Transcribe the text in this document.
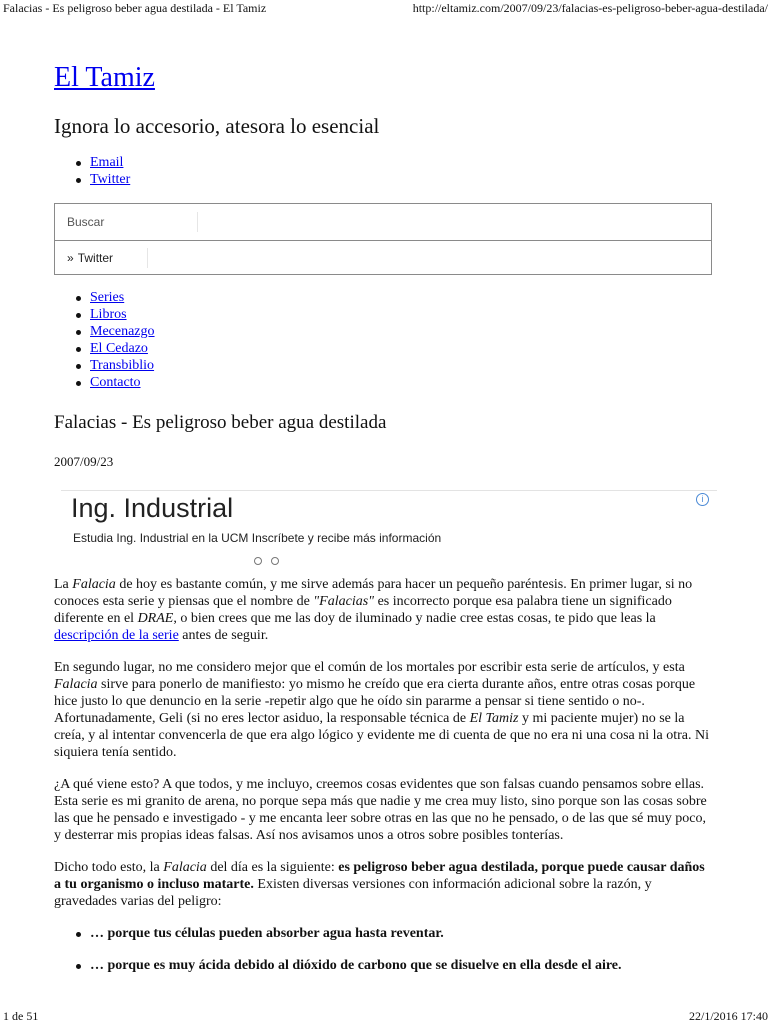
Falacias - Es peligroso beber agua destilada - El Tamiz	http://eltamiz.com/2007/09/23/falacias-es-peligroso-beber-agua-destilada/
El Tamiz
Ignora lo accesorio, atesora lo esencial
Email
Twitter
Buscar
» Twitter
Series
Libros
Mecenazgo
El Cedazo
Transbiblio
Contacto
Falacias - Es peligroso beber agua destilada
2007/09/23
Ing. Industrial
Estudia Ing. Industrial en la UCM Inscríbete y recibe más información
i

La Falacia de hoy es bastante común, y me sirve además para hacer un pequeño paréntesis. En primer lugar, si no conoces esta serie y piensas que el nombre de "Falacias" es incorrecto porque esa palabra tiene un significado diferente en el DRAE, o bien crees que me las doy de iluminado y nadie cree estas cosas, te pido que leas la descripción de la serie antes de seguir.

En segundo lugar, no me considero mejor que el común de los mortales por escribir esta serie de artículos, y esta Falacia sirve para ponerlo de manifiesto: yo mismo he creído que era cierta durante años, entre otras cosas porque hice justo lo que denuncio en la serie -repetir algo que he oído sin pararme a pensar si tiene sentido o no-. Afortunadamente, Geli (si no eres lector asiduo, la responsable técnica de El Tamiz y mi paciente mujer) no se la creía, y al intentar convencerla de que era algo lógico y evidente me di cuenta de que no era ni una cosa ni la otra. Ni siquiera tenía sentido.

¿A qué viene esto? A que todos, y me incluyo, creemos cosas evidentes que son falsas cuando pensamos sobre ellas. Esta serie es mi granito de arena, no porque sepa más que nadie y me crea muy listo, sino porque son las cosas sobre las que he pensado e investigado - y me encanta leer sobre otras en las que no he pensado, o de las que sé muy poco, y desterrar mis propias ideas falsas. Así nos avisamos unos a otros sobre posibles tonterías.

Dicho todo esto, la Falacia del día es la siguiente: es peligroso beber agua destilada, porque puede causar daños a tu organismo o incluso matarte. Existen diversas versiones con información adicional sobre la razón, y gravedades varias del peligro:

… porque tus células pueden absorber agua hasta reventar.
… porque es muy ácida debido al dióxido de carbono que se disuelve en ella desde el aire.
1 de 51	22/1/2016 17:40
